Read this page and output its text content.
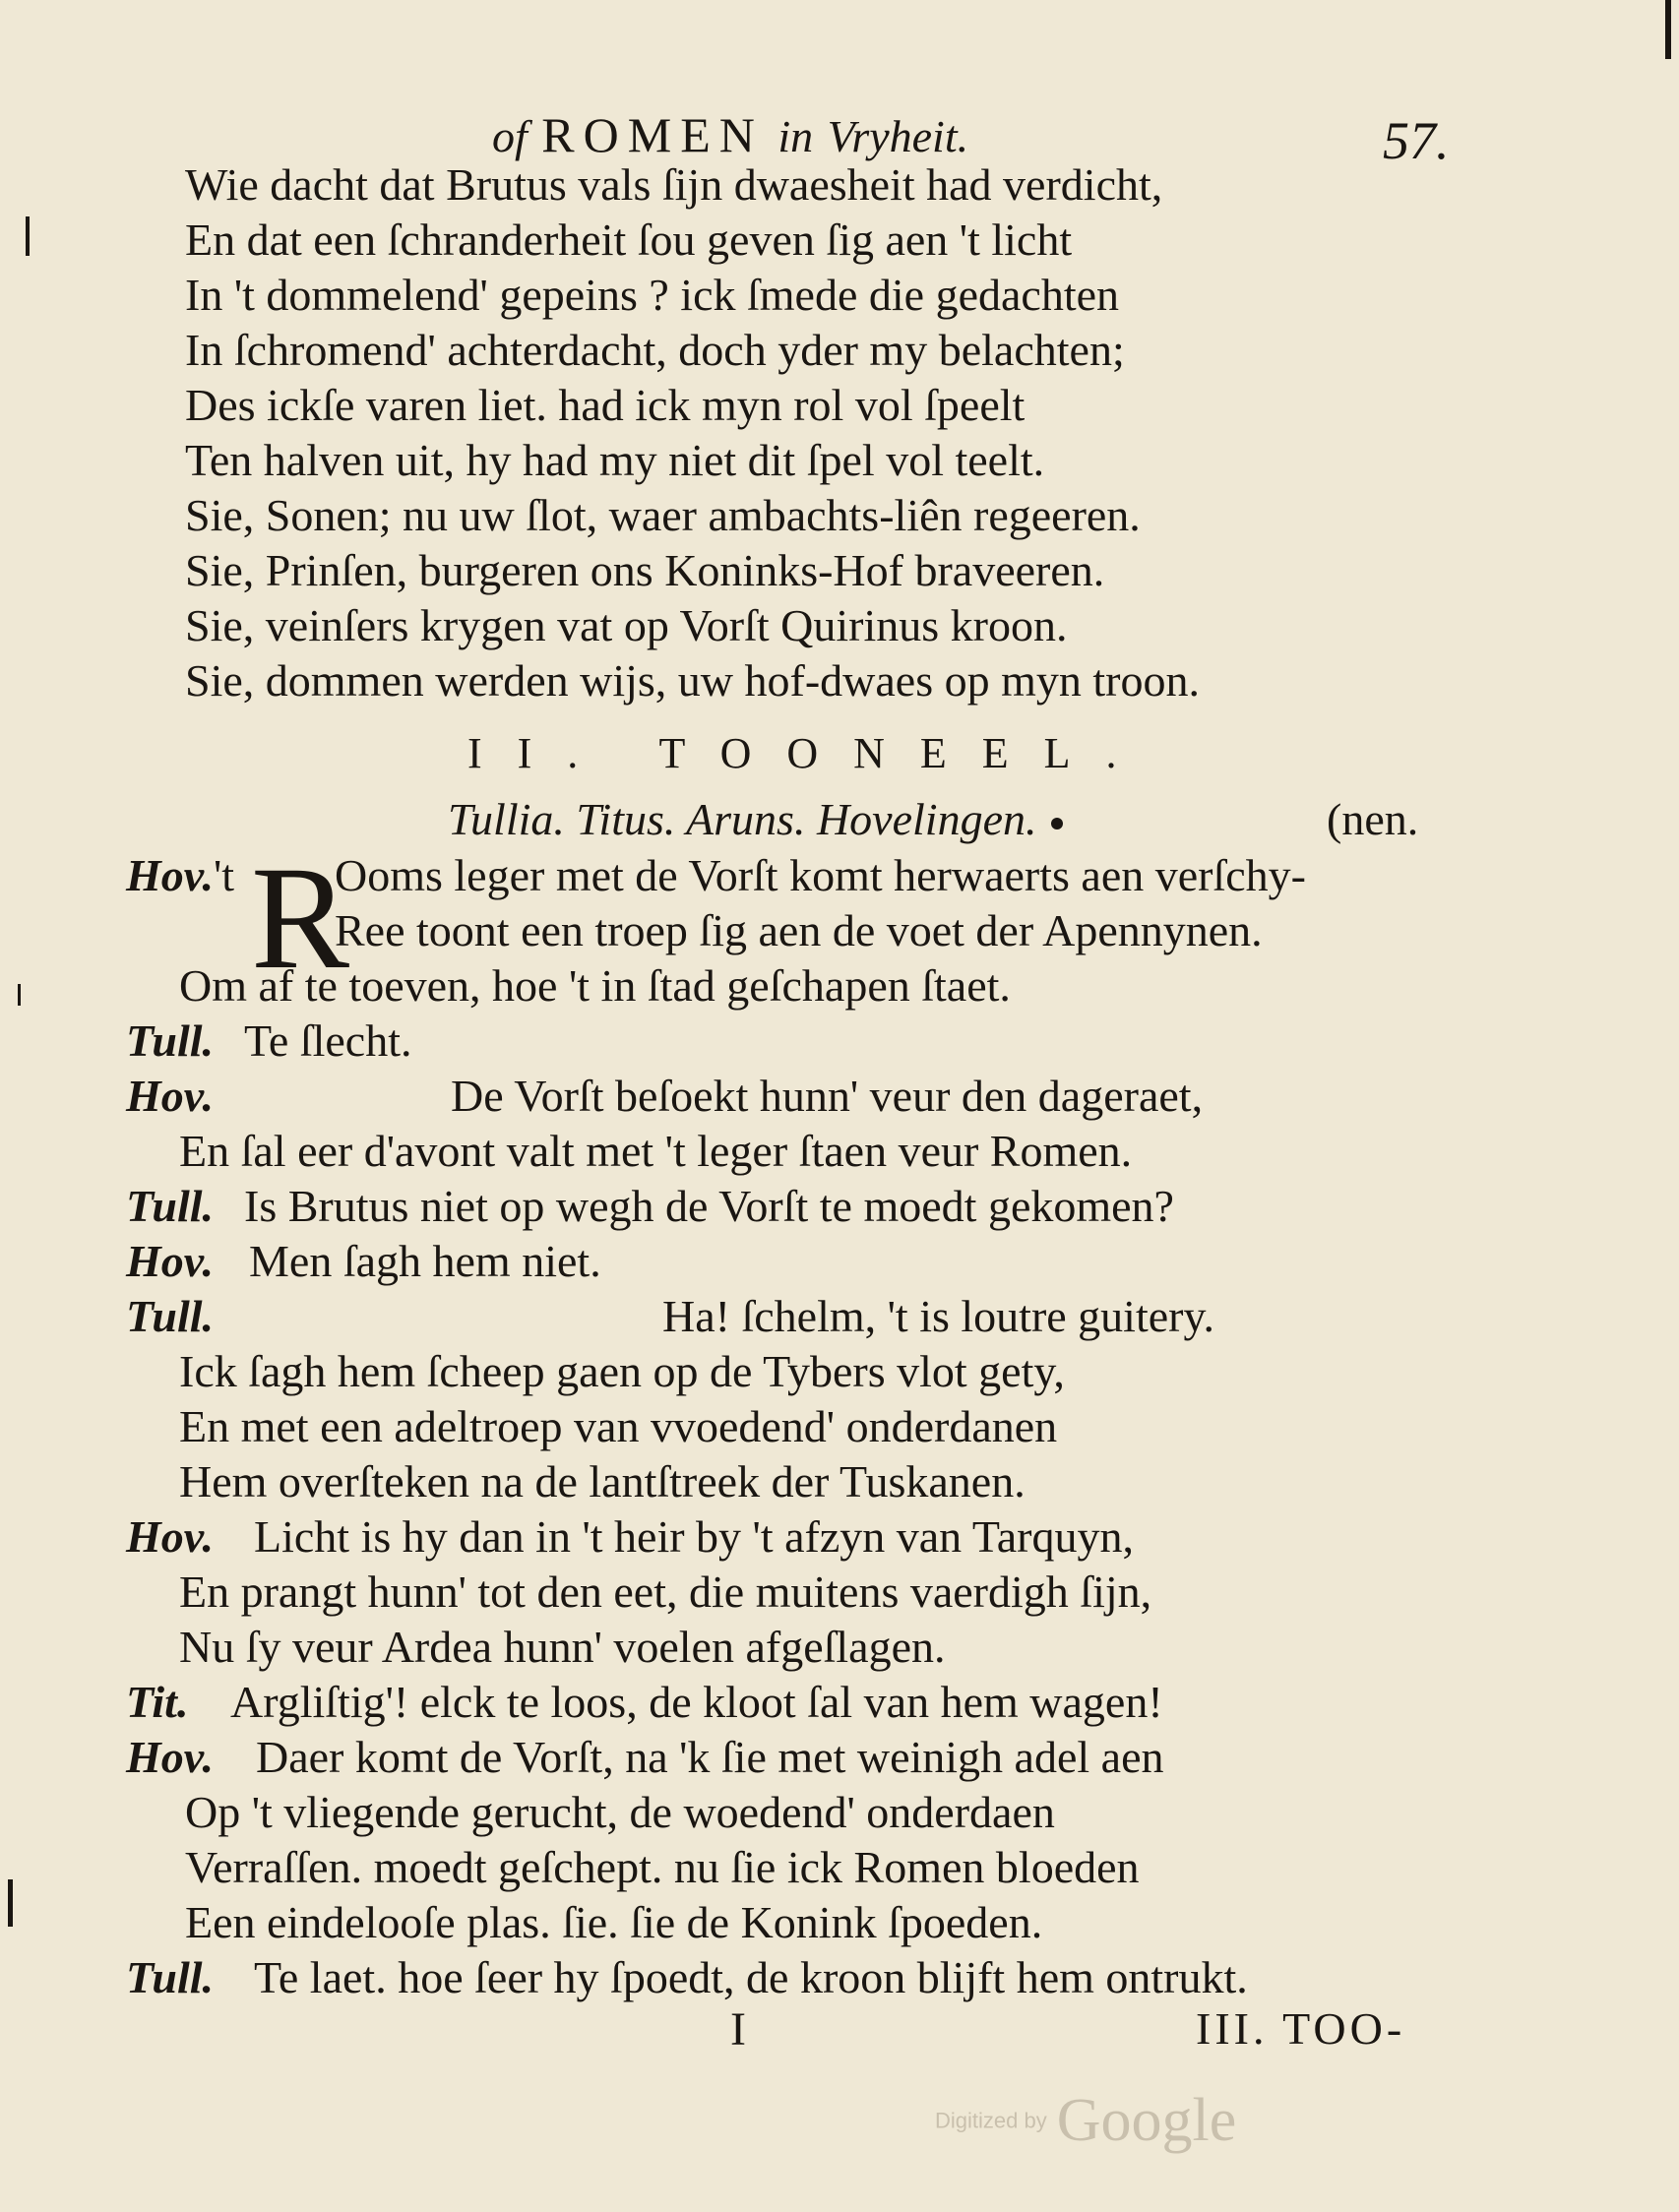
of ROMEN in Vryheit.	57.
Wie dacht dat Brutus vals ſijn dwaesheit had verdicht,
En dat een ſchranderheit ſou geven ſig aen 't licht
In 't dommelend' gepeins ? ick ſmede die gedachten
In ſchromend' achterdacht, doch yder my belachten;
Des ickſe varen liet. had ick myn rol vol ſpeelt
Ten halven uit, hy had my niet dit ſpel vol teelt.
Sie, Sonen; nu uw ſlot, waer ambachts-liên regeeren.
Sie, Prinſen, burgeren ons Koninks-Hof braveeren.
Sie, veinſers krygen vat op Vorſt Quirinus kroon.
Sie, dommen werden wijs, uw hof-dwaes op myn troon.
II. TOONEEL.
Tullia. Titus. Aruns. Hovelingen.	(nen.
Hov.'t R
Ooms leger met de Vorſt komt herwaerts aen verſchy-
Ree toont een troep ſig aen de voet der Apennynen.
Om af te toeven, hoe 't in ſtad geſchapen ſtaet.
Tull. Te ſlecht.
Hov.	De Vorſt beſoekt hunn' veur den dageraet,
En ſal eer d'avont valt met 't leger ſtaen veur Romen.
Tull. Is Brutus niet op wegh de Vorſt te moedt gekomen?
Hov. Men ſagh hem niet.
Tull.	Ha! ſchelm, 't is loutre guitery.
Ick ſagh hem ſcheep gaen op de Tybers vlot gety,
En met een adeltroep van vvoedend' onderdanen
Hem overſteken na de lantſtreek der Tuskanen.
Hov. Licht is hy dan in 't heir by 't afzyn van Tarquyn,
En prangt hunn' tot den eet, die muitens vaerdigh ſijn,
Nu ſy veur Ardea hunn' voelen afgeſlagen.
Tit. Argliſtig'! elck te loos, de kloot ſal van hem wagen!
Hov. Daer komt de Vorſt, na 'k ſie met weinigh adel aen
Op 't vliegende gerucht, de woedend' onderdaen
Verraſſen. moedt geſchept. nu ſie ick Romen bloeden
Een eindelooſe plas. ſie. ſie de Konink ſpoeden.
Tull. Te laet. hoe ſeer hy ſpoedt, de kroon blijft hem ontrukt.
I	III. TOO-
Digitized by Google
